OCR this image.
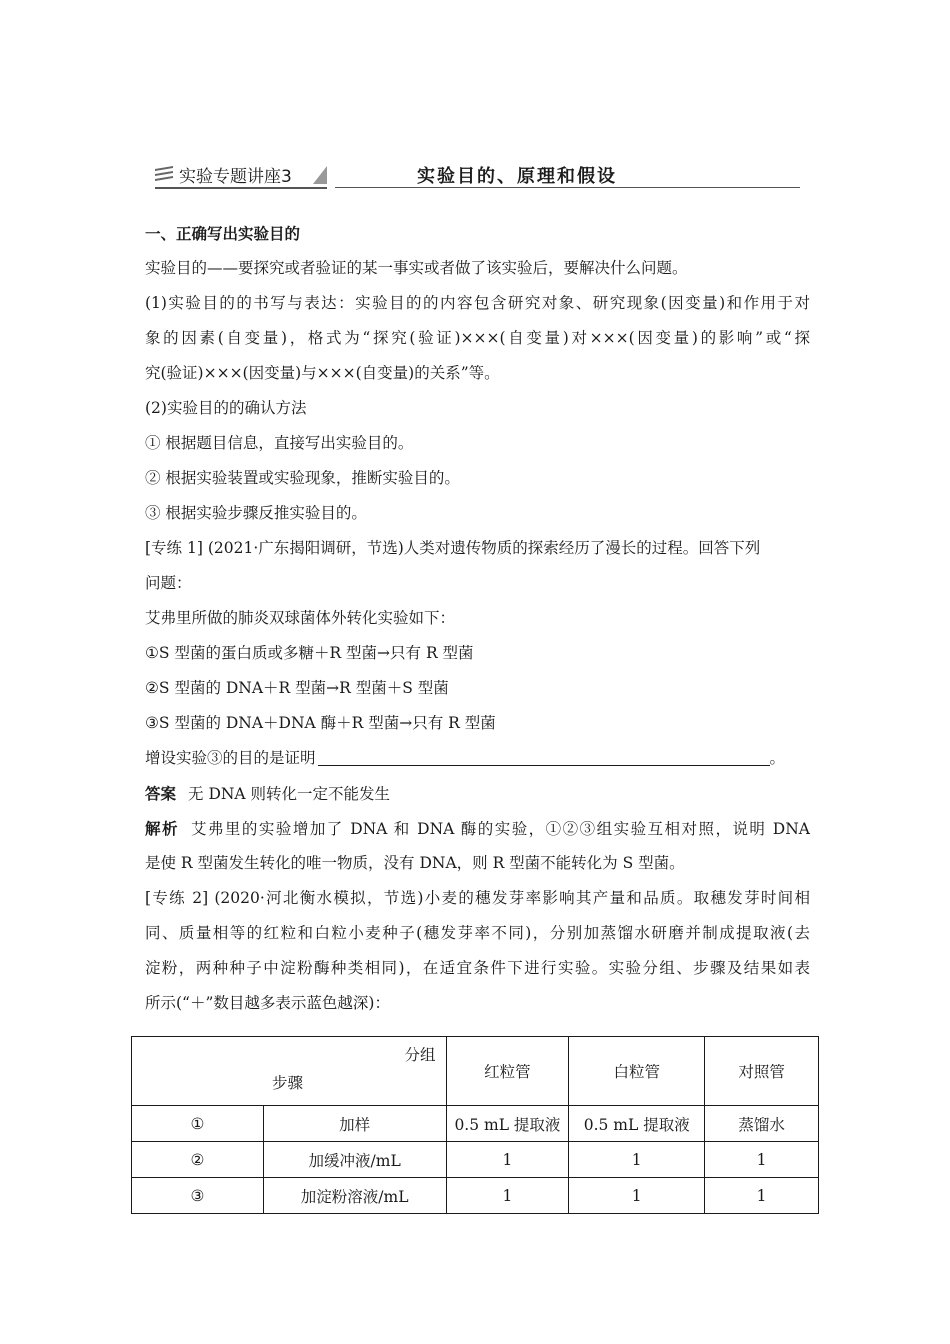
实验专题讲座3	实验目的、原理和假设
一、正确写出实验目的
实验目的——要探究或者验证的某一事实或者做了该实验后，要解决什么问题。
(1)实验目的的书写与表达：实验目的的内容包含研究对象、研究现象(因变量)和作用于对
象的因素(自变量)，格式为“探究(验证)×××(自变量)对×××(因变量)的影响”或“探
究(验证)×××(因变量)与×××(自变量)的关系”等。
(2)实验目的的确认方法
① 根据题目信息，直接写出实验目的。
② 根据实验装置或实验现象，推断实验目的。
③ 根据实验步骤反推实验目的。
[专练 1] (2021·广东揭阳调研，节选)人类对遗传物质的探索经历了漫长的过程。回答下列
问题：
艾弗里所做的肺炎双球菌体外转化实验如下：
①S 型菌的蛋白质或多糖＋R 型菌→只有 R 型菌
②S 型菌的 DNA＋R 型菌→R 型菌＋S 型菌
③S 型菌的 DNA＋DNA 酶＋R 型菌→只有 R 型菌
增设实验③的目的是证明	。
答案 无 DNA 则转化一定不能发生
解析 艾弗里的实验增加了 DNA 和 DNA 酶的实验，①②③组实验互相对照，说明 DNA
是使 R 型菌发生转化的唯一物质，没有 DNA，则 R 型菌不能转化为 S 型菌。
[专练 2] (2020·河北衡水模拟，节选)小麦的穗发芽率影响其产量和品质。取穗发芽时间相
同、质量相等的红粒和白粒小麦种子(穗发芽率不同)，分别加蒸馏水研磨并制成提取液(去
淀粉，两种种子中淀粉酶种类相同)，在适宜条件下进行实验。实验分组、步骤及结果如表
所示(“＋”数目越多表示蓝色越深)：
分组
步骤		红粒管	白粒管	对照管
①	加样	0.5 mL 提取液	0.5 mL 提取液	蒸馏水
②	加缓冲液/mL	1	1	1
③	加淀粉溶液/mL	1	1	1
